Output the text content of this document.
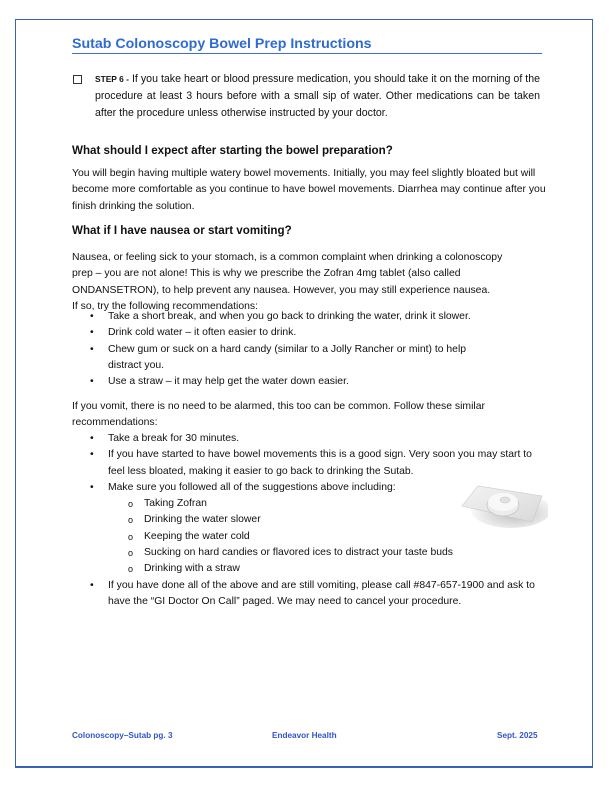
Sutab Colonoscopy Bowel Prep Instructions
STEP 6 - If you take heart or blood pressure medication, you should take it on the morning of the procedure at least 3 hours before with a small sip of water. Other medications can be taken after the procedure unless otherwise instructed by your doctor.
What should I expect after starting the bowel preparation?
You will begin having multiple watery bowel movements. Initially, you may feel slightly bloated but will become more comfortable as you continue to have bowel movements. Diarrhea may continue after you finish drinking the solution.
What if I have nausea or start vomiting?
Nausea, or feeling sick to your stomach, is a common complaint when drinking a colonoscopy
prep – you are not alone! This is why we prescribe the Zofran 4mg tablet (also called
ONDANSETRON), to help prevent any nausea. However, you may still experience nausea.
If so, try the following recommendations:
• Take a short break, and when you go back to drinking the water, drink it slower.
• Drink cold water – it often easier to drink.
• Chew gum or suck on a hard candy (similar to a Jolly Rancher or mint) to help distract you.
• Use a straw – it may help get the water down easier.
If you vomit, there is no need to be alarmed, this too can be common. Follow these similar recommendations:
• Take a break for 30 minutes.
• If you have started to have bowel movements this is a good sign. Very soon you may start to feel less bloated, making it easier to go back to drinking the Sutab.
• Make sure you followed all of the suggestions above including:
o Taking Zofran
o Drinking the water slower
o Keeping the water cold
o Sucking on hard candies or flavored ices to distract your taste buds
o Drinking with a straw
• If you have done all of the above and are still vomiting, please call #847-657-1900 and ask to have the “GI Doctor On Call” paged. We may need to cancel your procedure.
Colonoscopy–Sutab pg. 3	Endeavor Health	Sept. 2025
